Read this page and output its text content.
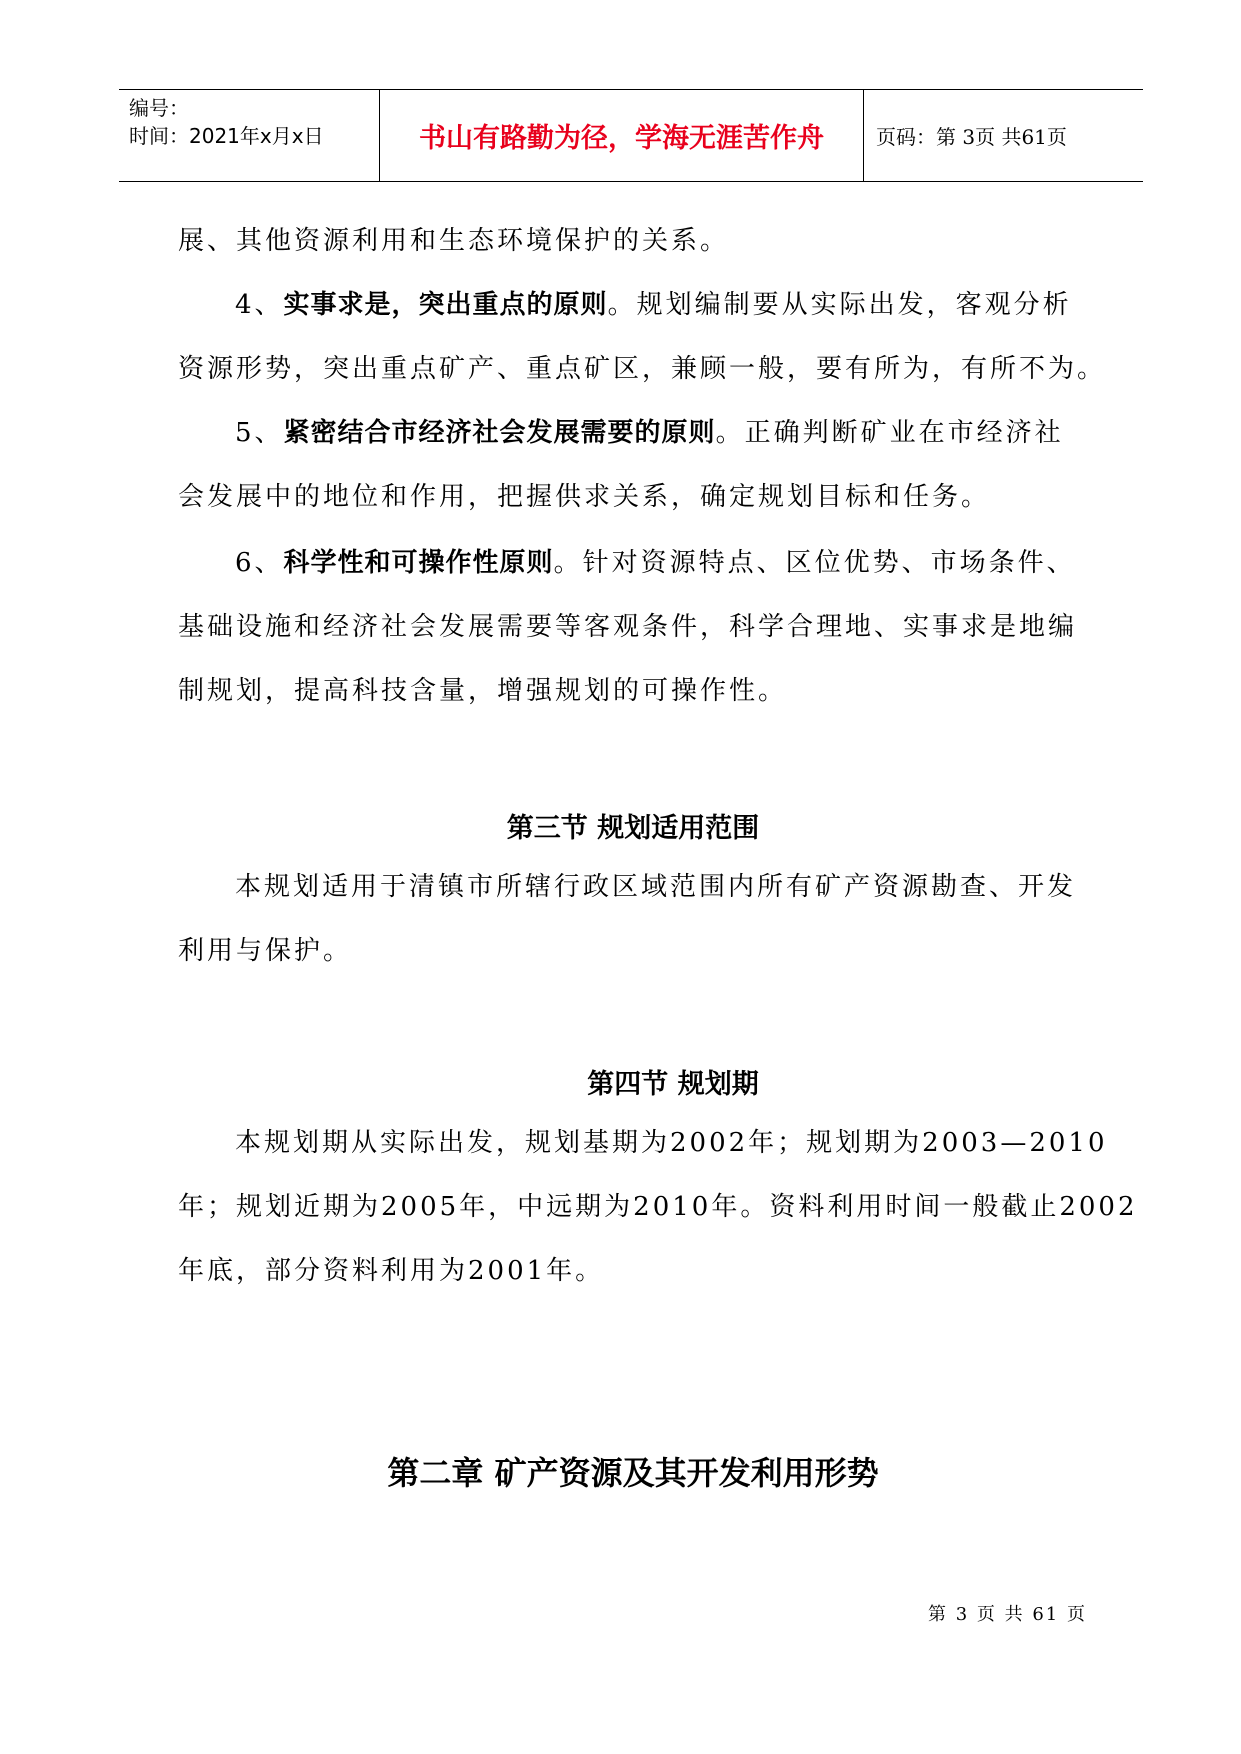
编号：
时间：2021年x月x日	书山有路勤为径，学海无涯苦作舟	页码：第 3页 共61页
展、其他资源利用和生态环境保护的关系。
4、实事求是，突出重点的原则。规划编制要从实际出发，客观分析
资源形势，突出重点矿产、重点矿区，兼顾一般，要有所为，有所不为。
5、紧密结合市经济社会发展需要的原则。正确判断矿业在市经济社
会发展中的地位和作用，把握供求关系，确定规划目标和任务。
6、科学性和可操作性原则。针对资源特点、区位优势、市场条件、
基础设施和经济社会发展需要等客观条件，科学合理地、实事求是地编
制规划，提高科技含量，增强规划的可操作性。
第三节 规划适用范围
本规划适用于清镇市所辖行政区域范围内所有矿产资源勘查、开发
利用与保护。
第四节 规划期
本规划期从实际出发，规划基期为2002年；规划期为2003—2010
年；规划近期为2005年，中远期为2010年。资料利用时间一般截止2002
年底，部分资料利用为2001年。
第二章 矿产资源及其开发利用形势
第 3 页 共 61 页
